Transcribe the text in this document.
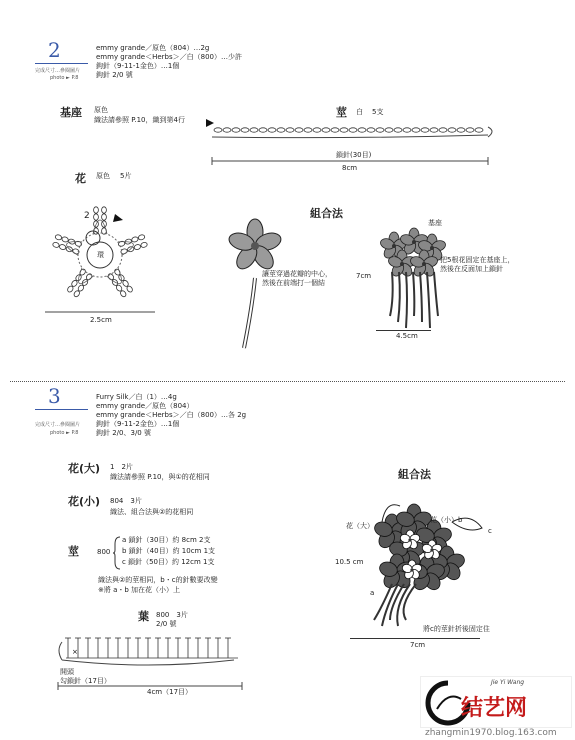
2
完成尺寸…參閱圖片
photo ► P.8
emmy grande／原色（804）…2g
emmy grande＜Herbs＞／白（800）…少許
鉤針（9-11-1金色）…1個
鉤針 2/0 號
基座 原色
織法請參照 P.10，織到第4行
莖 白 5支
鎖針(30目)
8cm
花 原色 5片
2
環
2.5cm
組合法
讓莖穿過花瓣的中心，
然後在前端打一個結
基座
把5根花固定在基座上，
然後在反面加上鎖針
7cm
4.5cm
3
完成尺寸…參閱圖片
photo ► P.8
Furry Silk／白（1）…4g
emmy grande／原色（804）
emmy grande＜Herbs＞／白（800）…各 2g
鉤針（9-11-2金色）…1個
鉤針 2/0、3/0 號
花(大) 1　2片
織法請參照 P.10，與①的花相同
花(小) 804　3片
織法、組合法與②的花相同
莖	800
a 鎖針（30目）約 8cm 2支
b 鎖針（40目）約 10cm 1支
c 鎖針（50目）約 12cm 1支
織法與②的莖相同，b・c的針數要改變
※將 a・b 加在花（小）上
葉 800　3片
2/0 號
×
開頭
勾鎖針（17目）
4cm（17目）
組合法
花（大）
花（小）b
c
a
10.5 cm
7cm
將c的莖針折後固定住
Jie Yi Wang
结艺网
zhangmin1970.blog.163.com
